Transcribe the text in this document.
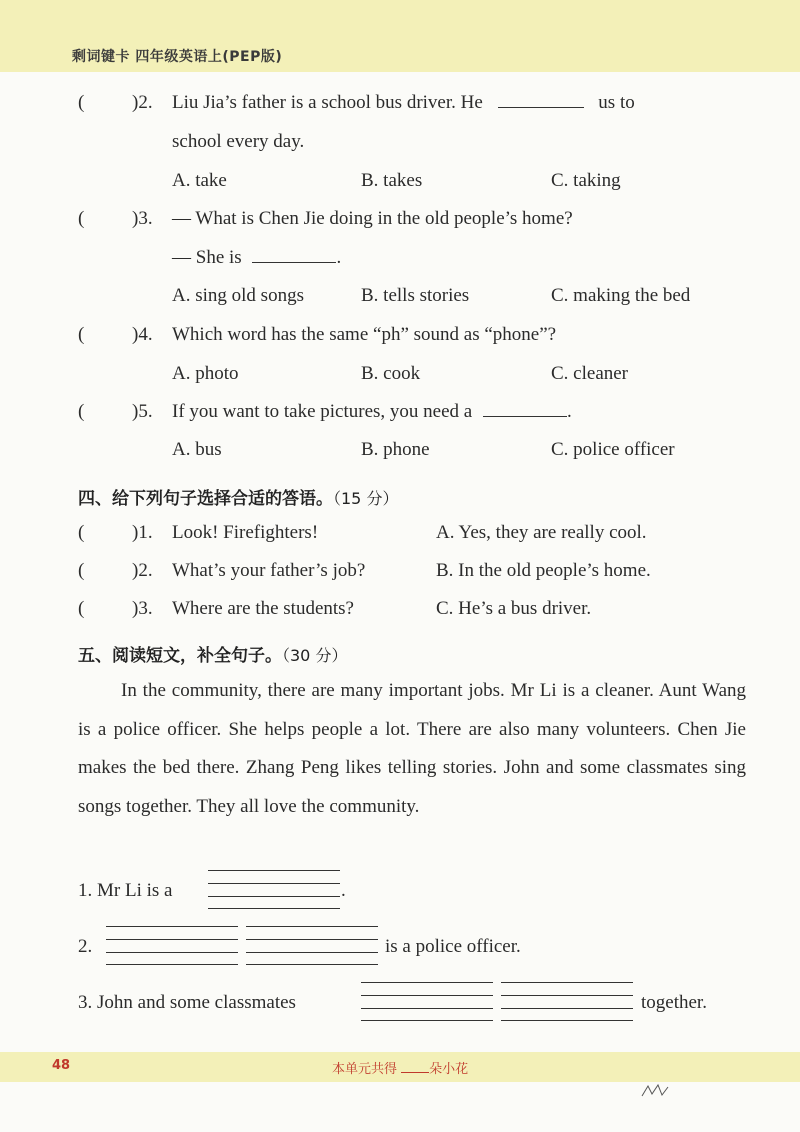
剩词键卡 四年级英语上(PEP版)
(	)2. Liu Jia’s father is a school bus driver. He	us to
school every day.
A. take	B. takes	C. taking
(	)3. — What is Chen Jie doing in the old people’s home?
— She is	.
A. sing old songs	B. tells stories	C. making the bed
(	)4. Which word has the same “ph” sound as “phone”?
A. photo	B. cook	C. cleaner
(	)5. If you want to take pictures, you need a	.
A. bus	B. phone	C. police officer
四、给下列句子选择合适的答语。（15 分）
(	)1. Look! Firefighters!	A. Yes, they are really cool.
(	)2. What’s your father’s job?	B. In the old people’s home.
(	)3. Where are the students?	C. He’s a bus driver.
五、阅读短文，补全句子。（30 分）

In the community, there are many important jobs. Mr Li is a cleaner. Aunt Wang is a police officer. She helps people a lot. There are also many volunteers. Chen Jie makes the bed there. Zhang Peng likes telling stories. John and some classmates sing songs together. They all love the community.

1. Mr Li is a	.
2.	is a police officer.
3. John and some classmates	together.
48	本单元共得 朵小花
